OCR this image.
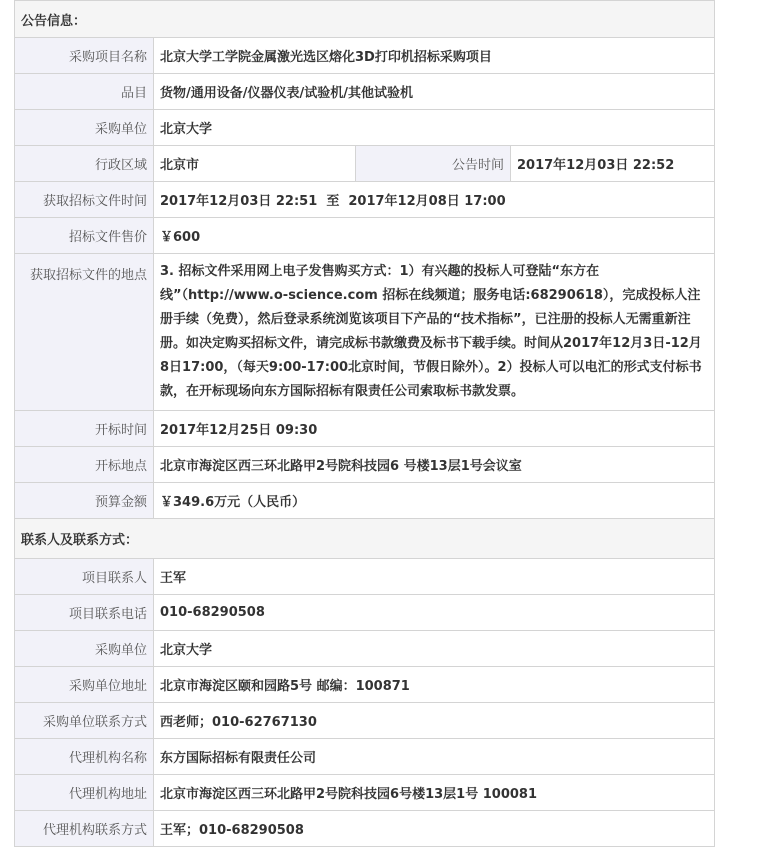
公告信息：			
采购项目名称	北京大学工学院金属激光选区熔化3D打印机招标采购项目		
品目	货物/通用设备/仪器仪表/试验机/其他试验机		
采购单位	北京大学		
行政区域	北京市	公告时间	2017年12月03日 22:52
获取招标文件时间	2017年12月03日 22:51  至  2017年12月08日 17:00		
招标文件售价	￥600		
获取招标文件的地点	3. 招标文件采用网上电子发售购买方式：1）有兴趣的投标人可登陆“东方在线”（http://www.o-science.com 招标在线频道；服务电话:68290618），完成投标人注册手续（免费），然后登录系统浏览该项目下产品的“技术指标”，已注册的投标人无需重新注册。如决定购买招标文件，请完成标书款缴费及标书下载手续。时间从2017年12月3日-12月8日17:00，（每天9:00-17:00北京时间，节假日除外）。2）投标人可以电汇的形式支付标书款，在开标现场向东方国际招标有限责任公司索取标书款发票。		
开标时间	2017年12月25日 09:30		
开标地点	北京市海淀区西三环北路甲2号院科技园6 号楼13层1号会议室		
预算金额	￥349.6万元（人民币）		
联系人及联系方式：			
项目联系人	王军		
项目联系电话	010-68290508		
采购单位	北京大学		
采购单位地址	北京市海淀区颐和园路5号 邮编：100871		
采购单位联系方式	西老师；010-62767130		
代理机构名称	东方国际招标有限责任公司		
代理机构地址	北京市海淀区西三环北路甲2号院科技园6号楼13层1号 100081		
代理机构联系方式	王军；010-68290508		
